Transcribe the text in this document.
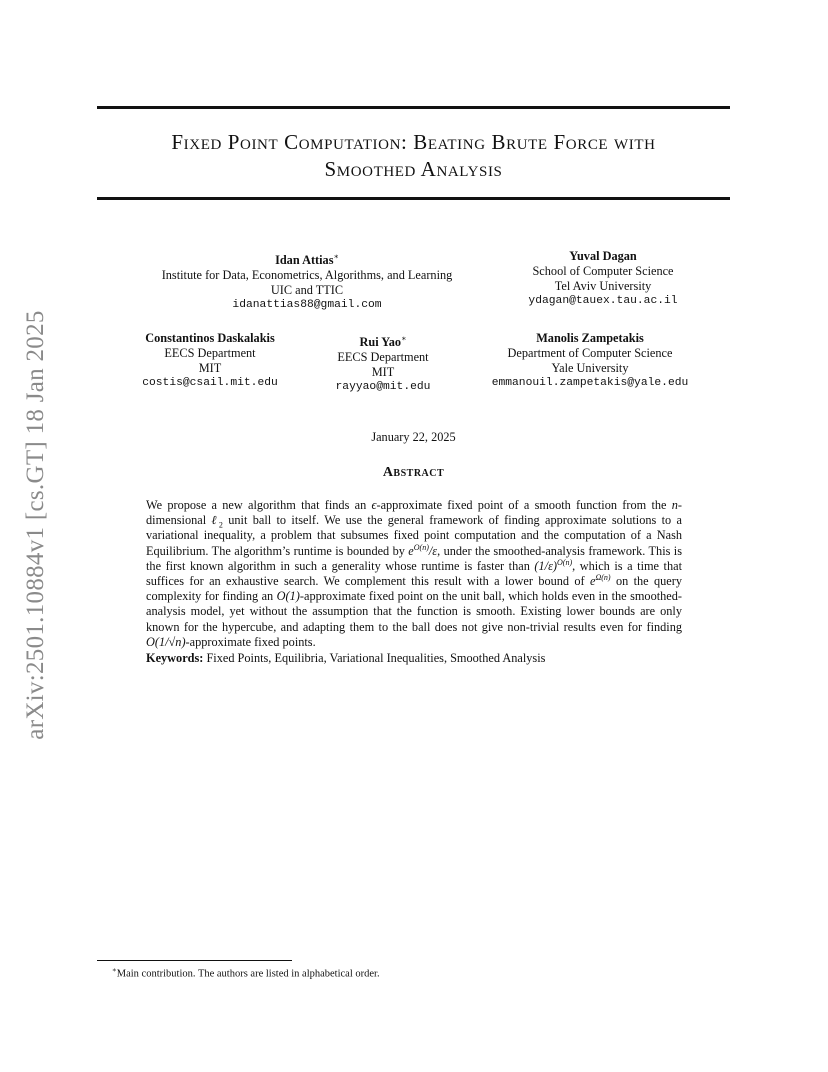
arXiv:2501.10884v1 [cs.GT] 18 Jan 2025
Fixed Point Computation: Beating Brute Force with
Smoothed Analysis
Idan Attias∗
Institute for Data, Econometrics, Algorithms, and Learning
UIC and TTIC
idanattias88@gmail.com
Yuval Dagan
School of Computer Science
Tel Aviv University
ydagan@tauex.tau.ac.il
Constantinos Daskalakis
EECS Department
MIT
costis@csail.mit.edu
Rui Yao∗
EECS Department
MIT
rayyao@mit.edu
Manolis Zampetakis
Department of Computer Science
Yale University
emmanouil.zampetakis@yale.edu
January 22, 2025
Abstract

We propose a new algorithm that finds an ϵ-approximate fixed point of a smooth function from the n-dimensional ℓ$_2$ unit ball to itself. We use the general framework of finding approximate solutions to a variational inequality, a problem that subsumes fixed point computation and the computation of a Nash Equilibrium. The algorithm’s runtime is bounded by $e^{O(n)}/\varepsilon$, under the smoothed-analysis framework. This is the first known algorithm in such a generality whose runtime is faster than $(1/\varepsilon)^{O(n)}$, which is a time that suffices for an exhaustive search. We complement this result with a lower bound of $e^{\Omega(n)}$ on the query complexity for finding an O(1)-approximate fixed point on the unit ball, which holds even in the smoothed-analysis model, yet without the assumption that the function is smooth. Existing lower bounds are only known for the hypercube, and adapting them to the ball does not give non-trivial results even for finding O(1/√n)-approximate fixed points.

Keywords: Fixed Points, Equilibria, Variational Inequalities, Smoothed Analysis
∗Main contribution. The authors are listed in alphabetical order.
